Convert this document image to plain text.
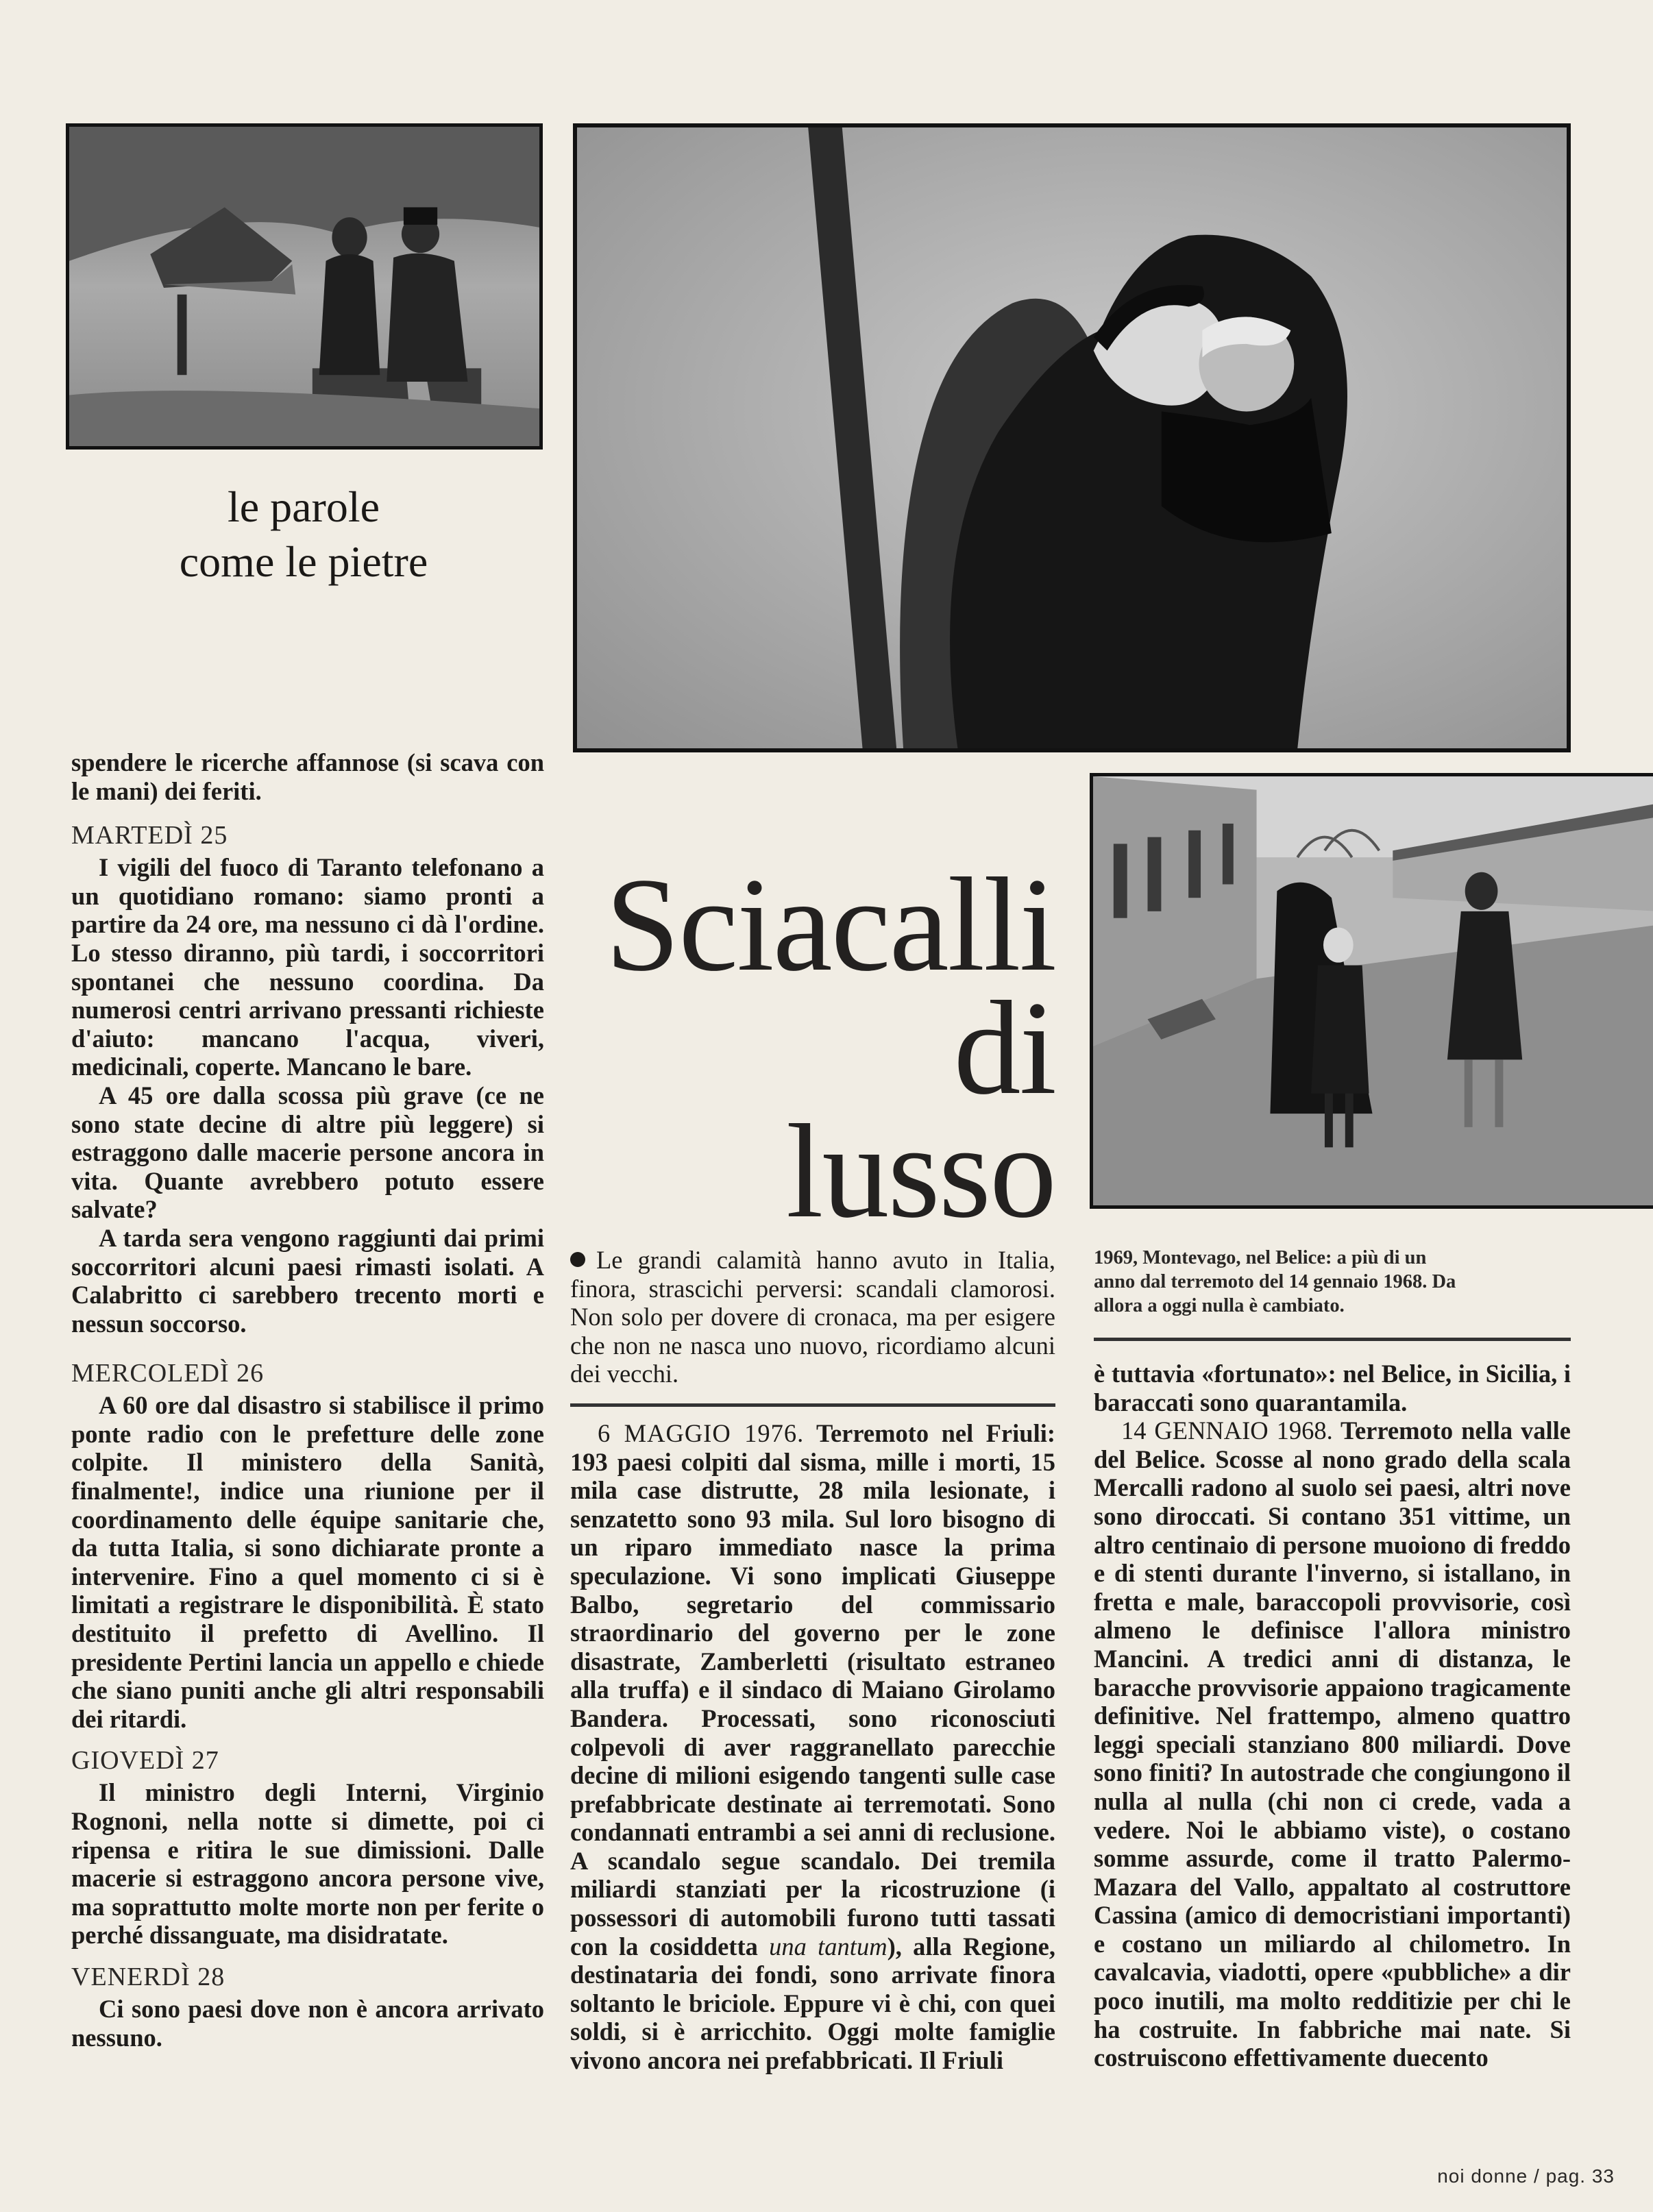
le parole
come le pietre
Sciacalli
di
lusso
1969, Montevago, nel Belice: a più di un anno dal terremoto del 14 gennaio 1968. Da allora a oggi nulla è cambiato.

spendere le ricerche affannose (si scava con le mani) dei feriti.

MARTEDÌ 25

I vigili del fuoco di Taranto telefonano a un quotidiano romano: siamo pronti a partire da 24 ore, ma nessuno ci dà l'ordine. Lo stesso diranno, più tardi, i soccorritori spontanei che nessuno coordina. Da numerosi centri arrivano pressanti richieste d'aiuto: mancano l'acqua, viveri, medicinali, coperte. Mancano le bare.

A 45 ore dalla scossa più grave (ce ne sono state decine di altre più leggere) si estraggono dalle macerie persone ancora in vita. Quante avrebbero potuto essere salvate?

A tarda sera vengono raggiunti dai primi soccorritori alcuni paesi rimasti isolati. A Calabritto ci sarebbero trecento morti e nessun soccorso.

MERCOLEDÌ 26

A 60 ore dal disastro si stabilisce il primo ponte radio con le prefetture delle zone colpite. Il ministero della Sanità, finalmente!, indice una riunione per il coordinamento delle équipe sanitarie che, da tutta Italia, si sono dichiarate pronte a intervenire. Fino a quel momento ci si è limitati a registrare le disponibilità. È stato destituito il prefetto di Avellino. Il presidente Pertini lancia un appello e chiede che siano puniti anche gli altri responsabili dei ritardi.

GIOVEDÌ 27

Il ministro degli Interni, Virginio Rognoni, nella notte si dimette, poi ci ripensa e ritira le sue dimissioni. Dalle macerie si estraggono ancora persone vive, ma soprattutto molte morte non per ferite o perché dissanguate, ma disidratate.

VENERDÌ 28

Ci sono paesi dove non è ancora arrivato nessuno.

Le grandi calamità hanno avuto in Italia, finora, strascichi perversi: scandali clamorosi. Non solo per dovere di cronaca, ma per esigere che non ne nasca uno nuovo, ricordiamo alcuni dei vecchi.

6 MAGGIO 1976. Terremoto nel Friuli: 193 paesi colpiti dal sisma, mille i morti, 15 mila case distrutte, 28 mila lesionate, i senzatetto sono 93 mila. Sul loro bisogno di un riparo immediato nasce la prima speculazione. Vi sono implicati Giuseppe Balbo, segretario del commissario straordinario del governo per le zone disastrate, Zamberletti (risultato estraneo alla truffa) e il sindaco di Maiano Girolamo Bandera. Processati, sono riconosciuti colpevoli di aver raggranellato parecchie decine di milioni esigendo tangenti sulle case prefabbricate destinate ai terremotati. Sono condannati entrambi a sei anni di reclusione. A scandalo segue scandalo. Dei tremila miliardi stanziati per la ricostruzione (i possessori di automobili furono tutti tassati con la cosiddetta una tantum), alla Regione, destinataria dei fondi, sono arrivate finora soltanto le briciole. Eppure vi è chi, con quei soldi, si è arricchito. Oggi molte famiglie vivono ancora nei prefabbricati. Il Friuli

è tuttavia «fortunato»: nel Belice, in Sicilia, i baraccati sono quarantamila.

14 GENNAIO 1968. Terremoto nella valle del Belice. Scosse al nono grado della scala Mercalli radono al suolo sei paesi, altri nove sono diroccati. Si contano 351 vittime, un altro centinaio di persone muoiono di freddo e di stenti durante l'inverno, si istallano, in fretta e male, baraccopoli provvisorie, così almeno le definisce l'allora ministro Mancini. A tredici anni di distanza, le baracche provvisorie appaiono tragicamente definitive. Nel frattempo, almeno quattro leggi speciali stanziano 800 miliardi. Dove sono finiti? In autostrade che congiungono il nulla al nulla (chi non ci crede, vada a vedere. Noi le abbiamo viste), o costano somme assurde, come il tratto Palermo-Mazara del Vallo, appaltato al costruttore Cassina (amico di democristiani importanti) e costano un miliardo al chilometro. In cavalcavia, viadotti, opere «pubbliche» a dir poco inutili, ma molto redditizie per chi le ha costruite. In fabbriche mai nate. Si costruiscono effettivamente duecento

noi donne / pag. 33
